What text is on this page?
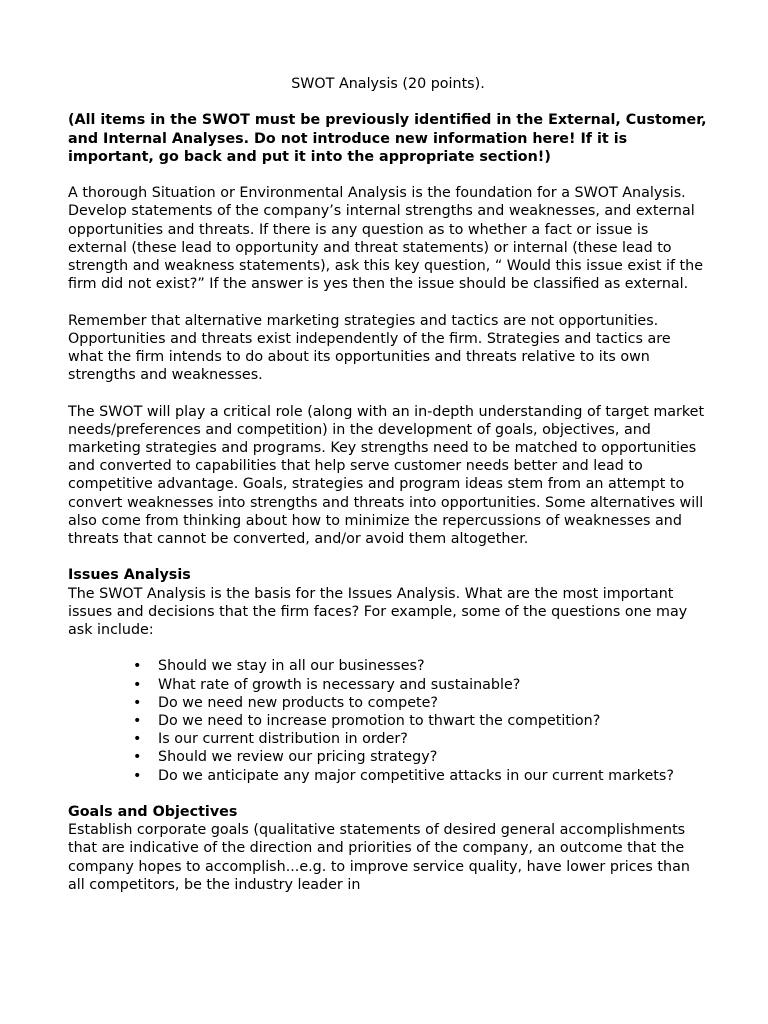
SWOT Analysis (20 points).
(All items in the SWOT must be previously identified in the External, Customer, and Internal Analyses. Do not introduce new information here! If it is important, go back and put it into the appropriate section!)

A thorough Situation or Environmental Analysis is the foundation for a SWOT Analysis. Develop statements of the company’s internal strengths and weaknesses, and external opportunities and threats. If there is any question as to whether a fact or issue is external (these lead to opportunity and threat statements) or internal (these lead to strength and weakness statements), ask this key question, “ Would this issue exist if the firm did not exist?” If the answer is yes then the issue should be classified as external.

Remember that alternative marketing strategies and tactics are not opportunities. Opportunities and threats exist independently of the firm. Strategies and tactics are what the firm intends to do about its opportunities and threats relative to its own strengths and weaknesses.

The SWOT will play a critical role (along with an in-depth understanding of target market needs/preferences and competition) in the development of goals, objectives, and marketing strategies and programs. Key strengths need to be matched to opportunities and converted to capabilities that help serve customer needs better and lead to competitive advantage. Goals, strategies and program ideas stem from an attempt to convert weaknesses into strengths and threats into opportunities. Some alternatives will also come from thinking about how to minimize the repercussions of weaknesses and threats that cannot be converted, and/or avoid them altogether.

Issues Analysis

The SWOT Analysis is the basis for the Issues Analysis. What are the most important issues and decisions that the firm faces? For example, some of the questions one may ask include:

• Should we stay in all our businesses?
• What rate of growth is necessary and sustainable?
• Do we need new products to compete?
• Do we need to increase promotion to thwart the competition?
• Is our current distribution in order?
• Should we review our pricing strategy?
• Do we anticipate any major competitive attacks in our current markets?
Goals and Objectives

Establish corporate goals (qualitative statements of desired general accomplishments that are indicative of the direction and priorities of the company, an outcome that the company hopes to accomplish...e.g. to improve service quality, have lower prices than all competitors, be the industry leader in
